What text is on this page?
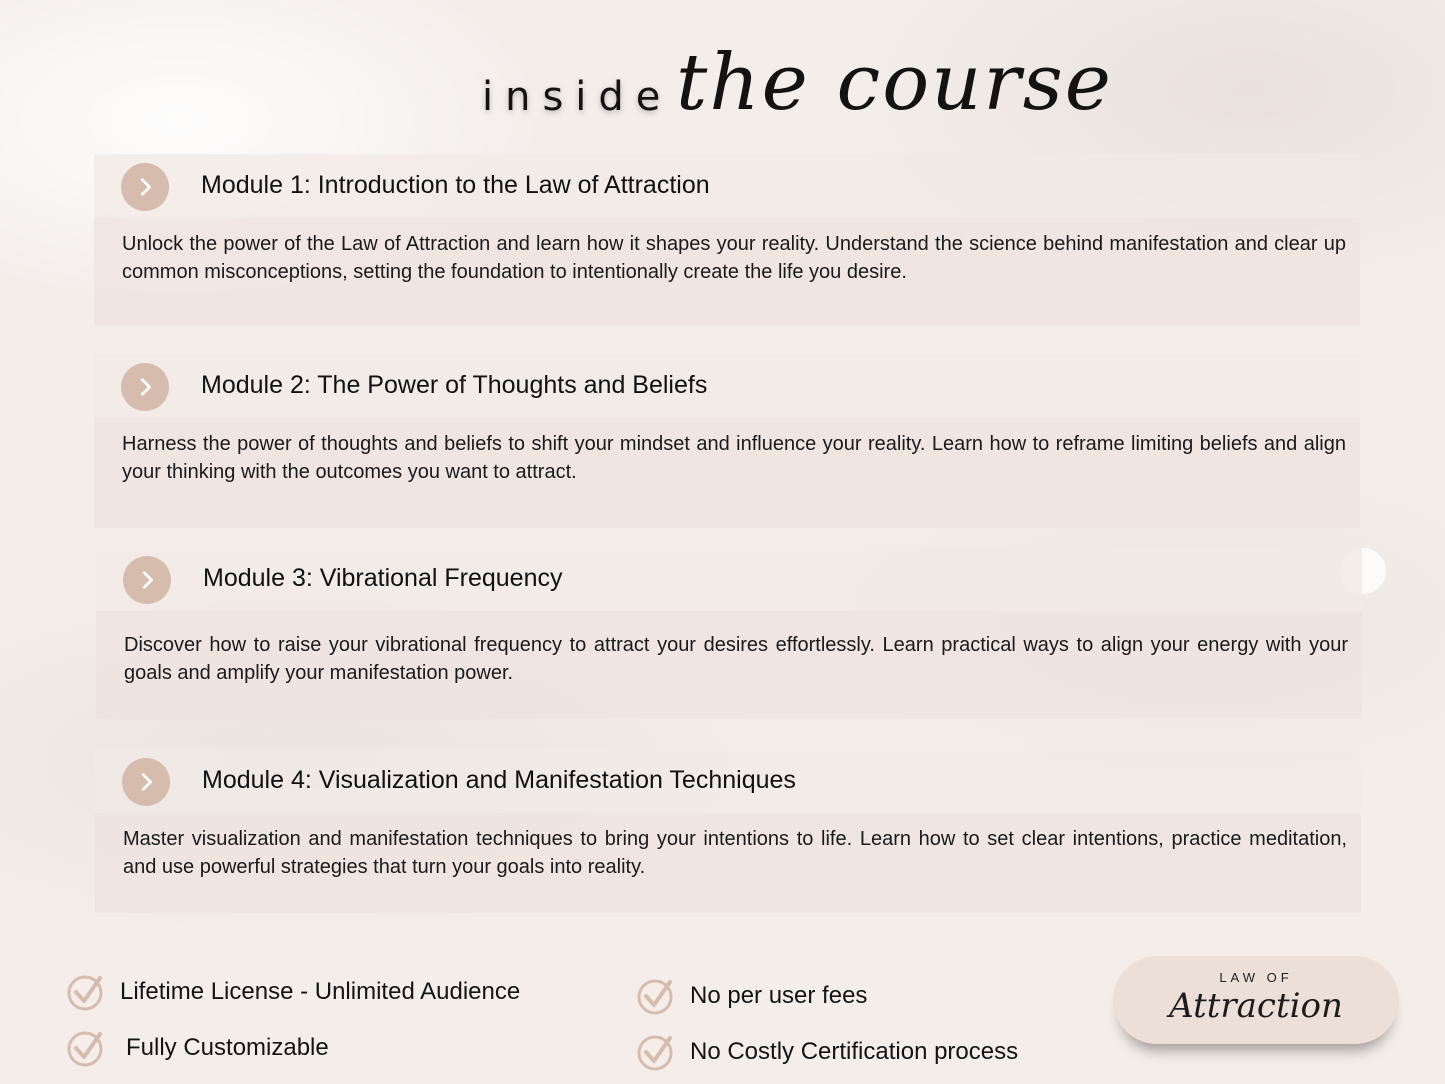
inside the course
Module 1: Introduction to the Law of Attraction
Unlock the power of the Law of Attraction and learn how it shapes your reality. Understand the science behind manifestation and clear up common misconceptions, setting the foundation to intentionally create the life you desire.
Module 2: The Power of Thoughts and Beliefs
Harness the power of thoughts and beliefs to shift your mindset and influence your reality. Learn how to reframe limiting beliefs and align your thinking with the outcomes you want to attract.
Module 3: Vibrational Frequency
Discover how to raise your vibrational frequency to attract your desires effortlessly. Learn practical ways to align your energy with your goals and amplify your manifestation power.
Module 4: Visualization and Manifestation Techniques
Master visualization and manifestation techniques to bring your intentions to life. Learn how to set clear intentions, practice meditation, and use powerful strategies that turn your goals into reality.
Lifetime License - Unlimited Audience
Fully Customizable
No per user fees
No Costly Certification process
LAW OF
Attraction
